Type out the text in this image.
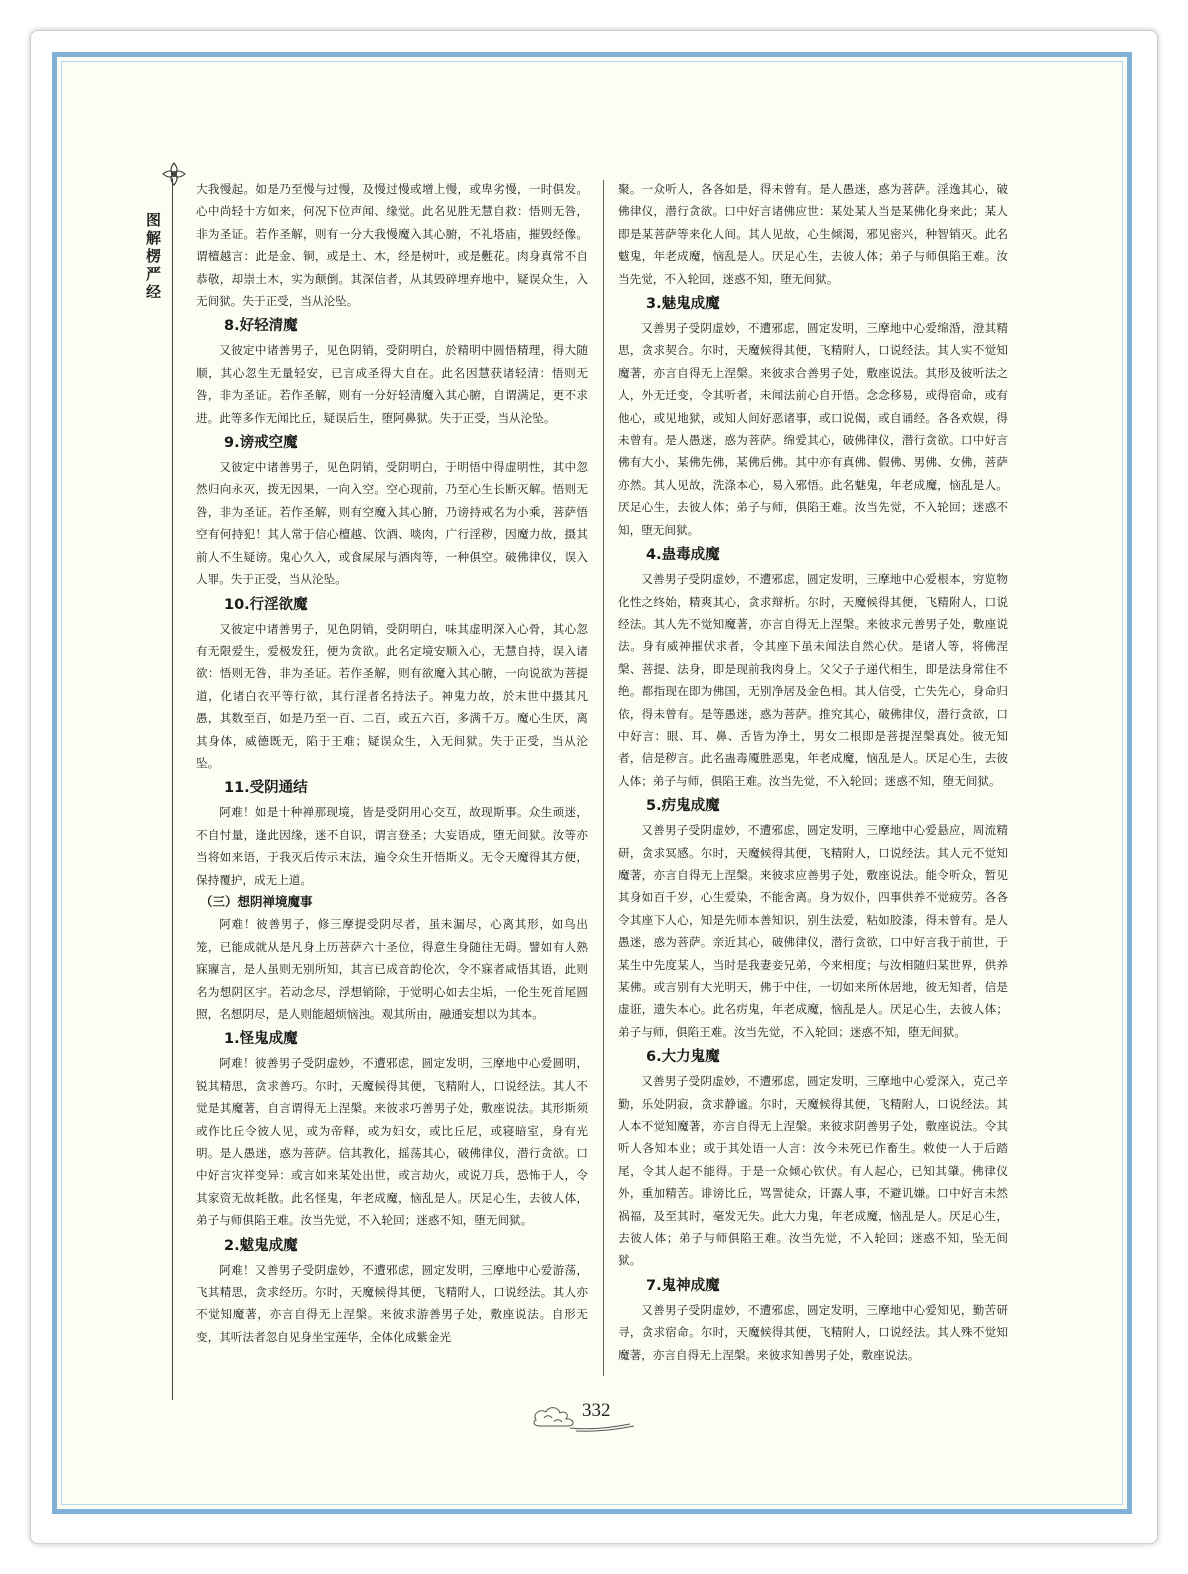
图解楞严经

大我慢起。如是乃至慢与过慢，及慢过慢或增上慢，或卑劣慢，一时俱发。心中尚轻十方如来，何况下位声闻、缘觉。此名见胜无慧自救：悟则无咎，非为圣证。若作圣解，则有一分大我慢魔入其心腑，不礼塔庙，摧毁经像。谓檀越言：此是金、铜，或是土、木，经是树叶，或是氎花。肉身真常不自恭敬，却崇土木，实为颠倒。其深信者，从其毁碎埋弃地中，疑误众生，入无间狱。失于正受，当从沦坠。

8.好轻清魔

又彼定中诸善男子，见色阴销，受阴明白，於精明中圆悟精理，得大随顺，其心忽生无量轻安，已言成圣得大自在。此名因慧获诸轻清：悟则无咎，非为圣证。若作圣解，则有一分好轻清魔入其心腑，自谓满足，更不求进。此等多作无闻比丘，疑误后生，堕阿鼻狱。失于正受，当从沦坠。

9.谤戒空魔

又彼定中诸善男子，见色阴销，受阴明白，于明悟中得虚明性，其中忽然归向永灭，拨无因果，一向入空。空心现前，乃至心生长断灭解。悟则无咎，非为圣证。若作圣解，则有空魔入其心腑，乃谤持戒名为小乘，菩萨悟空有何持犯！其人常于信心檀越、饮酒、啖肉，广行淫秽，因魔力故，摄其前人不生疑谤。鬼心久入，或食屎尿与酒肉等，一种俱空。破佛律仪，误入人罪。失于正受，当从沦坠。

10.行淫欲魔

又彼定中诸善男子，见色阴销，受阴明白，味其虚明深入心骨，其心忽有无限爱生，爱极发狂，便为贪欲。此名定境安顺入心，无慧自持，误入诸欲：悟则无咎，非为圣证。若作圣解，则有欲魔入其心腑，一向说欲为菩提道，化诸白衣平等行欲，其行淫者名持法子。神鬼力故，於末世中摄其凡愚，其数至百，如是乃至一百、二百，或五六百，多满千万。魔心生厌，离其身体，威德既无，陷于王难；疑误众生，入无间狱。失于正受，当从沦坠。

11.受阴通结

阿难！如是十种禅那现境，皆是受阴用心交互，故现斯事。众生顽迷，不自忖量，逢此因缘，迷不自识，谓言登圣；大妄语成，堕无间狱。汝等亦当将如来语，于我灭后传示末法，遍令众生开悟斯义。无令天魔得其方便，保持覆护，成无上道。

（三）想阴禅境魔事

阿难！彼善男子，修三摩提受阴尽者，虽未漏尽，心离其形，如鸟出笼，已能成就从是凡身上历菩萨六十圣位，得意生身随往无碍。譬如有人熟寐寱言，是人虽则无别所知，其言已成音韵伦次，令不寐者咸悟其语，此则名为想阴区宇。若动念尽，浮想销除，于觉明心如去尘垢，一伦生死首尾圆照，名想阴尽，是人则能超烦恼浊。观其所由，融通妄想以为其本。

1.怪鬼成魔

阿难！彼善男子受阴虚妙，不遭邪虑，圆定发明，三摩地中心爱圆明，锐其精思，贪求善巧。尔时，天魔候得其便，飞精附人，口说经法。其人不觉是其魔著，自言谓得无上涅槃。来彼求巧善男子处，敷座说法。其形斯须或作比丘令彼人见，或为帝释，或为妇女，或比丘尼，或寝暗室，身有光明。是人愚迷，惑为菩萨。信其教化，摇荡其心，破佛律仪，潜行贪欲。口中好言灾祥变异：或言如来某处出世，或言劫火，或说刀兵，恐怖于人，令其家资无故耗散。此名怪鬼，年老成魔，恼乱是人。厌足心生，去彼人体，弟子与师俱陷王难。汝当先觉，不入轮回；迷惑不知，堕无间狱。

2.魃鬼成魔

阿难！又善男子受阴虚妙，不遭邪虑，圆定发明，三摩地中心爱游荡，飞其精思，贪求经历。尔时，天魔候得其便，飞精附人，口说经法。其人亦不觉知魔著，亦言自得无上涅槃。来彼求游善男子处，敷座说法。自形无变，其听法者忽自见身坐宝莲华，全体化成紫金光

聚。一众听人，各各如是，得未曾有。是人愚迷，惑为菩萨。淫逸其心，破佛律仪，潜行贪欲。口中好言诸佛应世：某处某人当是某佛化身来此；某人即是某菩萨等来化人间。其人见故，心生倾渴，邪见密兴，种智销灭。此名魃鬼，年老成魔，恼乱是人。厌足心生，去彼人体；弟子与师俱陷王难。汝当先觉，不入轮回，迷惑不知，堕无间狱。

3.魅鬼成魔

又善男子受阴虚妙，不遭邪虑，圆定发明，三摩地中心爱绵涽，澄其精思，贪求契合。尔时，天魔候得其便，飞精附人，口说经法。其人实不觉知魔著，亦言自得无上涅槃。来彼求合善男子处，敷座说法。其形及彼听法之人，外无迁变，令其听者，未闻法前心自开悟。念念移易，或得宿命，或有他心，或见地狱，或知人间好恶诸事，或口说偈，或自诵经。各各欢娱，得未曾有。是人愚迷，惑为菩萨。绵爱其心，破佛律仪，潜行贪欲。口中好言佛有大小，某佛先佛，某佛后佛。其中亦有真佛、假佛、男佛、女佛，菩萨亦然。其人见故，洗涤本心，易入邪悟。此名魅鬼，年老成魔，恼乱是人。厌足心生，去彼人体；弟子与师，俱陷王难。汝当先觉，不入轮回；迷惑不知，堕无间狱。

4.蛊毒成魔

又善男子受阴虚妙，不遭邪虑，圆定发明，三摩地中心爱根本，穷览物化性之终始，精爽其心，贪求辩析。尔时，天魔候得其便，飞精附人，口说经法。其人先不觉知魔著，亦言自得无上涅槃。来彼求元善男子处，敷座说法。身有威神摧伏求者，令其座下虽未闻法自然心伏。是诸人等，将佛涅槃、菩提、法身，即是现前我肉身上。父父子子递代相生，即是法身常住不绝。都指现在即为佛国，无别净居及金色相。其人信受，亡失先心，身命归依，得未曾有。是等愚迷，惑为菩萨。推究其心，破佛律仪，潜行贪欲，口中好言：眼、耳、鼻、舌皆为净土，男女二根即是菩提涅槃真处。彼无知者，信是秽言。此名蛊毒魇胜恶鬼，年老成魔，恼乱是人。厌足心生，去彼人体；弟子与师，俱陷王难。汝当先觉，不入轮回；迷惑不知，堕无间狱。

5.疠鬼成魔

又善男子受阴虚妙，不遭邪虑，圆定发明，三摩地中心爱悬应，周流精研，贪求冥感。尔时，天魔候得其便，飞精附人，口说经法。其人元不觉知魔著，亦言自得无上涅槃。来彼求应善男子处，敷座说法。能令听众，暂见其身如百千岁，心生爱染，不能舍离。身为奴仆，四事供养不觉疲劳。各各令其座下人心，知是先师本善知识，别生法爱，粘如胶漆，得未曾有。是人愚迷，惑为菩萨。亲近其心，破佛律仪，潜行贪欲，口中好言我于前世，于某生中先度某人，当时是我妻妾兄弟，今来相度；与汝相随归某世界，供养某佛。或言别有大光明天，佛于中住，一切如来所休居地，彼无知者，信是虚诳，遗失本心。此名疠鬼，年老成魔，恼乱是人。厌足心生，去彼人体；弟子与师，俱陷王难。汝当先觉，不入轮回；迷惑不知，堕无间狱。

6.大力鬼魔

又善男子受阴虚妙，不遭邪虑，圆定发明，三摩地中心爱深入，克己辛勤，乐处阴寂，贪求静谧。尔时，天魔候得其便，飞精附人，口说经法。其人本不觉知魔著，亦言自得无上涅槃。来彼求阴善男子处，敷座说法。令其听人各知本业；或于其处语一人言：汝今未死已作畜生。敕使一人于后踏尾，令其人起不能得。于是一众倾心钦伏。有人起心，已知其肇。佛律仪外，重加精苦。诽谤比丘，骂詈徒众，讦露人事，不避讥嫌。口中好言未然祸福，及至其时，毫发无失。此大力鬼，年老成魔，恼乱是人。厌足心生，去彼人体；弟子与师俱陷王难。汝当先觉，不入轮回；迷惑不知，坠无间狱。

7.鬼神成魔

又善男子受阴虚妙，不遭邪虑，圆定发明，三摩地中心爱知见，勤苦研寻，贪求宿命。尔时，天魔候得其便，飞精附人，口说经法。其人殊不觉知魔著，亦言自得无上涅槃。来彼求知善男子处，敷座说法。

332
